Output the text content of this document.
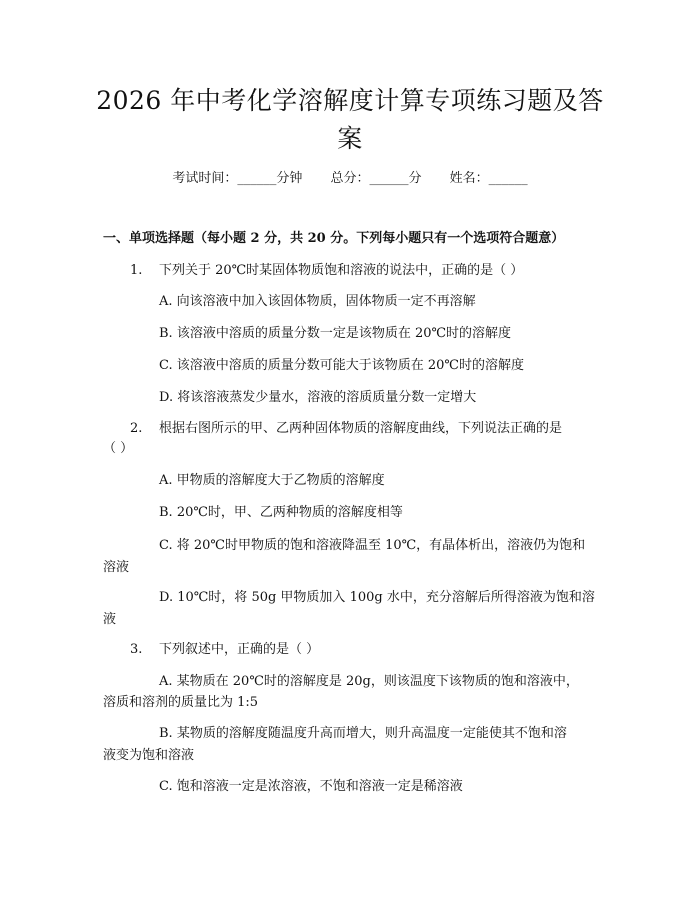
2026 年中考化学溶解度计算专项练习题及答
案
考试时间：______分钟 总分：______分 姓名：______
一、单项选择题（每小题 2 分，共 20 分。下列每小题只有一个选项符合题意）
1. 下列关于 20℃时某固体物质饱和溶液的说法中，正确的是（ ）
A. 向该溶液中加入该固体物质，固体物质一定不再溶解
B. 该溶液中溶质的质量分数一定是该物质在 20℃时的溶解度
C. 该溶液中溶质的质量分数可能大于该物质在 20℃时的溶解度
D. 将该溶液蒸发少量水，溶液的溶质质量分数一定增大
2. 根据右图所示的甲、乙两种固体物质的溶解度曲线，下列说法正确的是
（ ）
A. 甲物质的溶解度大于乙物质的溶解度
B. 20℃时，甲、乙两种物质的溶解度相等
C. 将 20℃时甲物质的饱和溶液降温至 10℃，有晶体析出，溶液仍为饱和
溶液
D. 10℃时，将 50g 甲物质加入 100g 水中，充分溶解后所得溶液为饱和溶
液
3. 下列叙述中，正确的是（ ）
A. 某物质在 20℃时的溶解度是 20g，则该温度下该物质的饱和溶液中，
溶质和溶剂的质量比为 1:5
B. 某物质的溶解度随温度升高而增大，则升高温度一定能使其不饱和溶
液变为饱和溶液
C. 饱和溶液一定是浓溶液，不饱和溶液一定是稀溶液
